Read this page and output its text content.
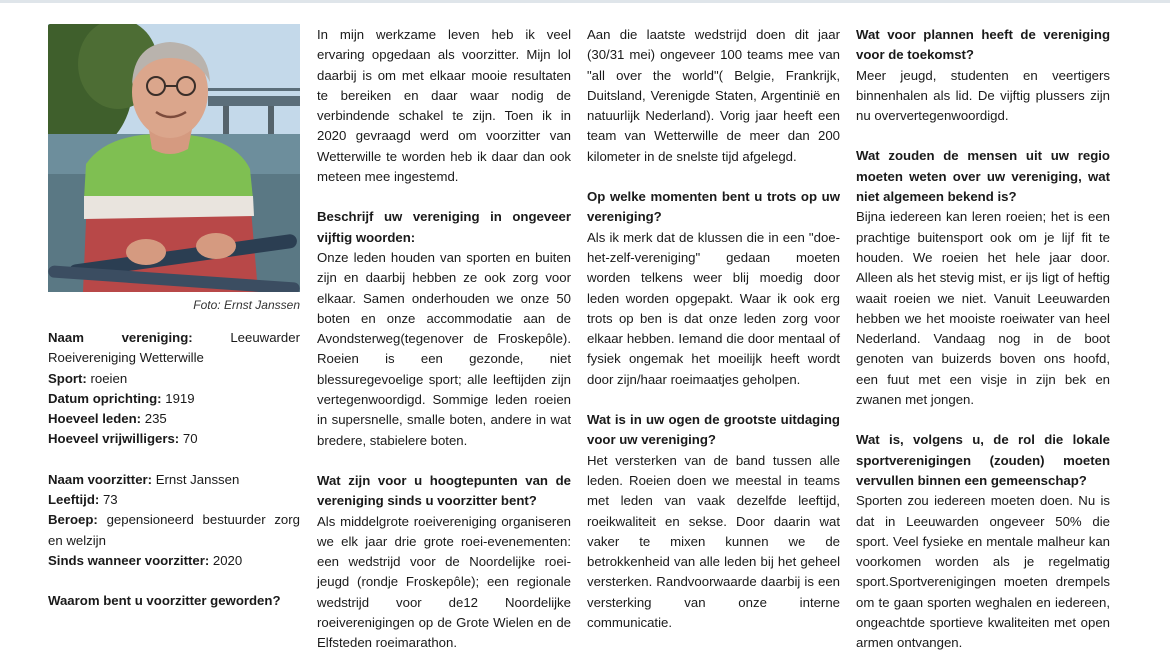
Foto: Ernst Janssen

Naam vereniging:	Leeuwarder Roeivereniging Wetterwille

Sport: roeien

Datum oprichting: 1919

Hoeveel leden: 235

Hoeveel vrijwilligers: 70

Naam voorzitter: Ernst Janssen

Leeftijd: 73

Beroep: gepensioneerd bestuurder zorg en welzijn

Sinds wanneer voorzitter: 2020

Waarom bent u voorzitter geworden?

In mijn werkzame leven heb ik veel ervaring opgedaan als voorzitter. Mijn lol daarbij is om met elkaar mooie resultaten te bereiken en daar waar nodig de verbindende schakel te zijn. Toen ik in 2020 gevraagd werd om voorzitter van Wetterwille te worden heb ik daar dan ook meteen mee ingestemd.

Beschrijf uw vereniging in ongeveer vijftig woorden:

Onze leden houden van sporten en buiten zijn en daarbij hebben ze ook zorg voor elkaar. Samen onderhouden we onze 50 boten en onze accommodatie aan de Avondsterweg(tegenover de Froskepôle). Roeien is een gezonde, niet blessuregevoelige sport; alle leeftijden zijn vertegenwoordigd. Sommige leden roeien in supersnelle, smalle boten, andere in wat bredere, stabielere boten.

Wat zijn voor u hoogtepunten van de vereniging sinds u voorzitter bent?

Als middelgrote roeivereniging organiseren we elk jaar drie grote roei-evenementen: een wedstrijd voor de Noordelijke roei-jeugd (rondje Froskepôle); een regionale wedstrijd voor de12 Noordelijke roeiverenigingen op de Grote Wielen en de Elfsteden roeimarathon.

Aan die laatste wedstrijd doen dit jaar (30/31 mei) ongeveer 100 teams mee van "all over the world"( Belgie, Frankrijk, Duitsland, Verenigde Staten, Argentinië en natuurlijk Nederland). Vorig jaar heeft een team van Wetterwille de meer dan 200 kilometer in de snelste tijd afgelegd.

Op welke momenten bent u trots op uw vereniging?

Als ik merk dat de klussen die in een "doe-het-zelf-vereniging" gedaan moeten worden telkens weer blij moedig door leden worden opgepakt. Waar ik ook erg trots op ben is dat onze leden zorg voor elkaar hebben. Iemand die door mentaal of fysiek ongemak het moeilijk heeft wordt door zijn/haar roeimaatjes geholpen.

Wat is in uw ogen de grootste uitdaging voor uw vereniging?

Het versterken van de band tussen alle leden. Roeien doen we meestal in teams met leden van vaak dezelfde leeftijd, roeikwaliteit en sekse. Door daarin wat vaker te mixen kunnen we de betrokkenheid van alle leden bij het geheel versterken. Randvoorwaarde daarbij is een versterking van onze interne communicatie.

Wat voor plannen heeft de vereniging voor de toekomst?

Meer jeugd, studenten en veertigers binnenhalen als lid. De vijftig plussers zijn nu oververtegenwoordigd.

Wat zouden de mensen uit uw regio moeten weten over uw vereniging, wat niet algemeen bekend is?

Bijna iedereen kan leren roeien; het is een prachtige buitensport ook om je lijf fit te houden. We roeien het hele jaar door. Alleen als het stevig mist, er ijs ligt of heftig waait roeien we niet. Vanuit Leeuwarden hebben we het mooiste roeiwater van heel Nederland. Vandaag nog in de boot genoten van buizerds boven ons hoofd, een fuut met een visje in zijn bek en zwanen met jongen.

Wat is, volgens u, de rol die lokale sportverenigingen (zouden) moeten vervullen binnen een gemeenschap?

Sporten zou iedereen moeten doen. Nu is dat in Leeuwarden ongeveer 50% die sport. Veel fysieke en mentale malheur kan voorkomen worden als je regelmatig sport.Sportverenigingen moeten drempels om te gaan sporten weghalen en iedereen, ongeachtde sportieve kwaliteiten met open armen ontvangen.
